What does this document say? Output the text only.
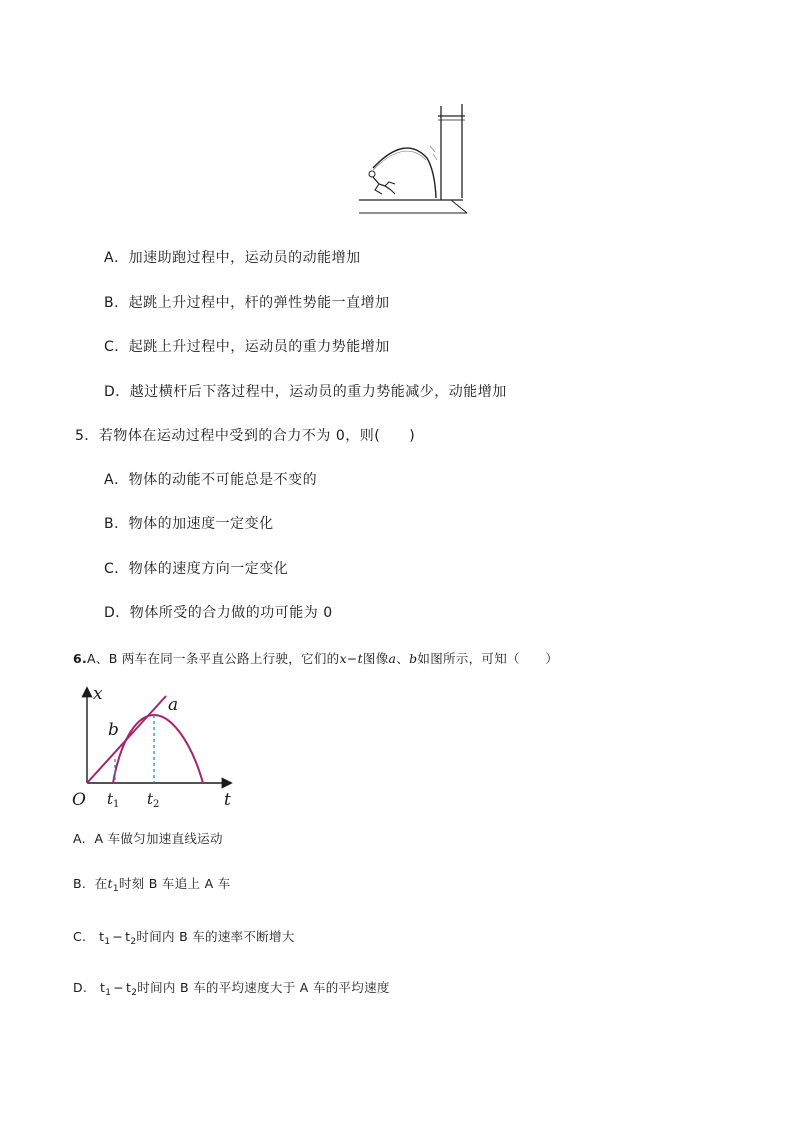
A．加速助跑过程中，运动员的动能增加
B．起跳上升过程中，杆的弹性势能一直增加
C．起跳上升过程中，运动员的重力势能增加
D．越过横杆后下落过程中，运动员的重力势能减少，动能增加
5．若物体在运动过程中受到的合力不为 0，则(　　)
A．物体的动能不可能总是不变的
B．物体的加速度一定变化
C．物体的速度方向一定变化
D．物体所受的合力做的功可能为 0
6.A、B 两车在同一条平直公路上行驶，它们的x−t图像a、b如图所示，可知（　　）
x
t
O
a
b
$t_1$ $t_2$
A. A 车做匀加速直线运动
B. 在$t_1$时刻 B 车追上 A 车
C. $t_1 - t_2$时间内 B 车的速率不断增大
D. $t_1 - t_2$时间内 B 车的平均速度大于 A 车的平均速度
